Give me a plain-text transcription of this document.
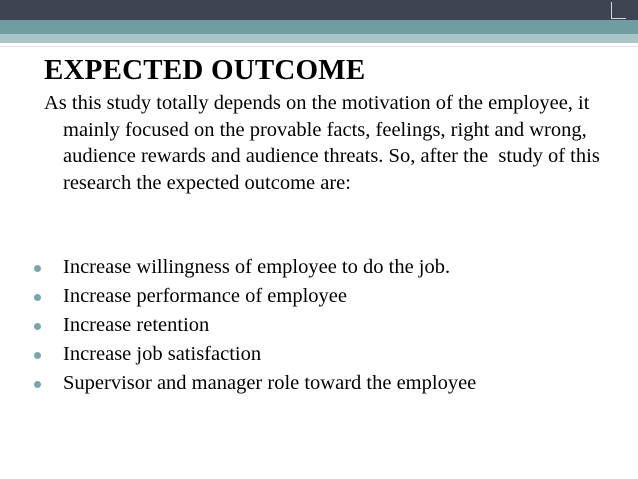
EXPECTED OUTCOME
As this study totally depends on the motivation of the employee, it mainly focused on the provable facts, feelings, right and wrong, audience rewards and audience threats. So, after the  study of this research the expected outcome are:
Increase willingness of employee to do the job.
Increase performance of employee
Increase retention
Increase job satisfaction
Supervisor and manager role toward the employee
